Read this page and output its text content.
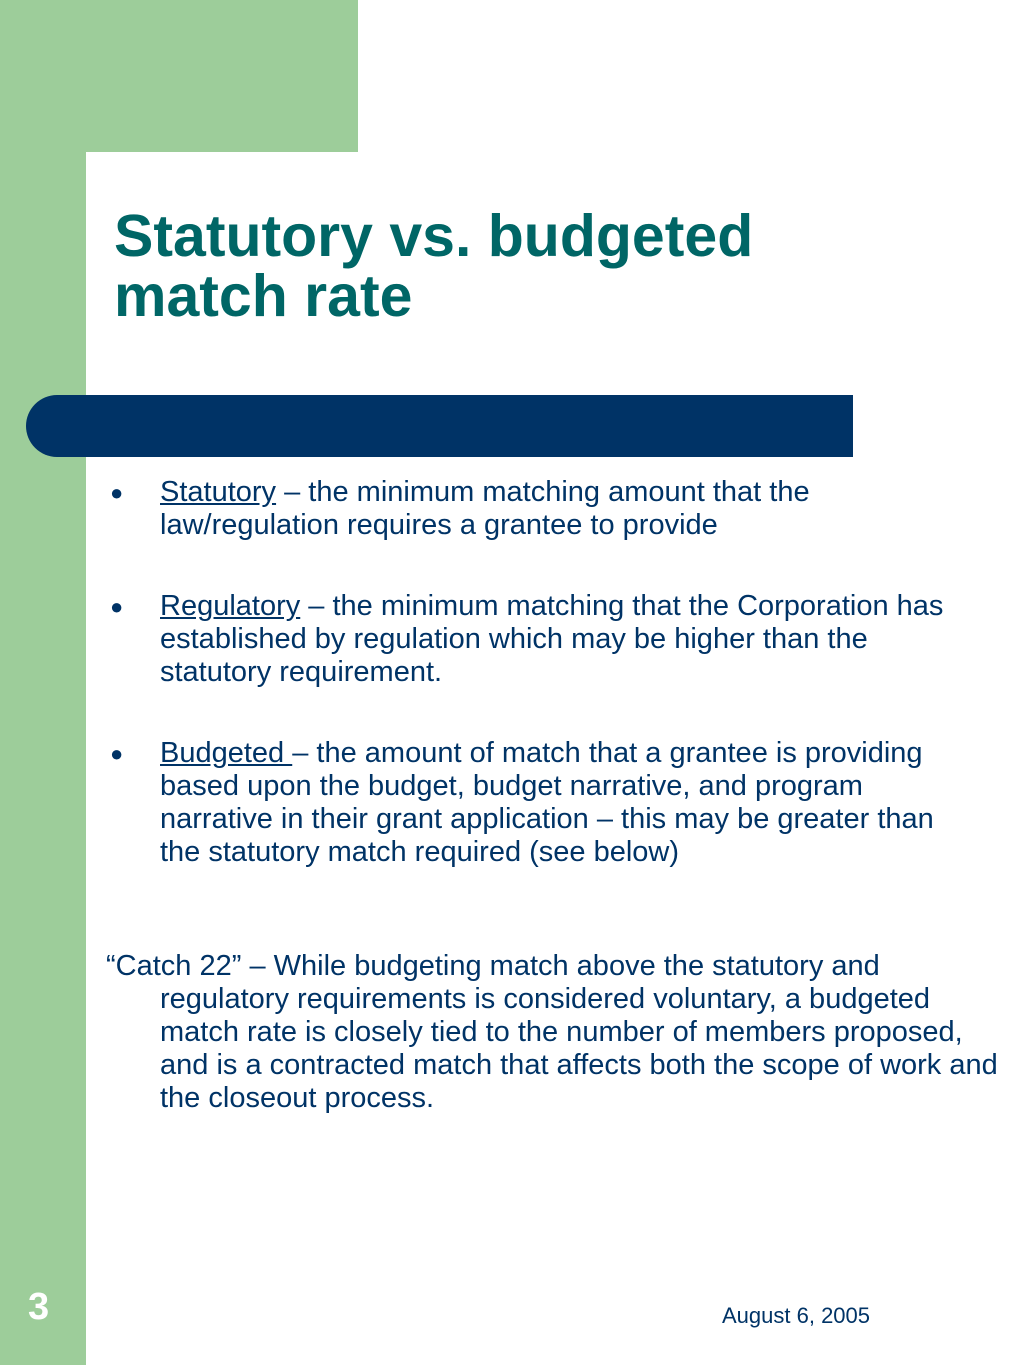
Statutory vs. budgeted
match rate

● Statutory – the minimum matching amount that the law/regulation requires a grantee to provide

● Regulatory – the minimum matching that the Corporation has established by regulation which may be higher than the statutory requirement.

● Budgeted – the amount of match that a grantee is providing based upon the budget, budget narrative, and program narrative in their grant application – this may be greater than the statutory match required (see below)

“Catch 22” – While budgeting match above the statutory and regulatory requirements is considered voluntary, a budgeted match rate is closely tied to the number of members proposed, and is a contracted match that affects both the scope of work and the closeout process.

3	August 6, 2005
